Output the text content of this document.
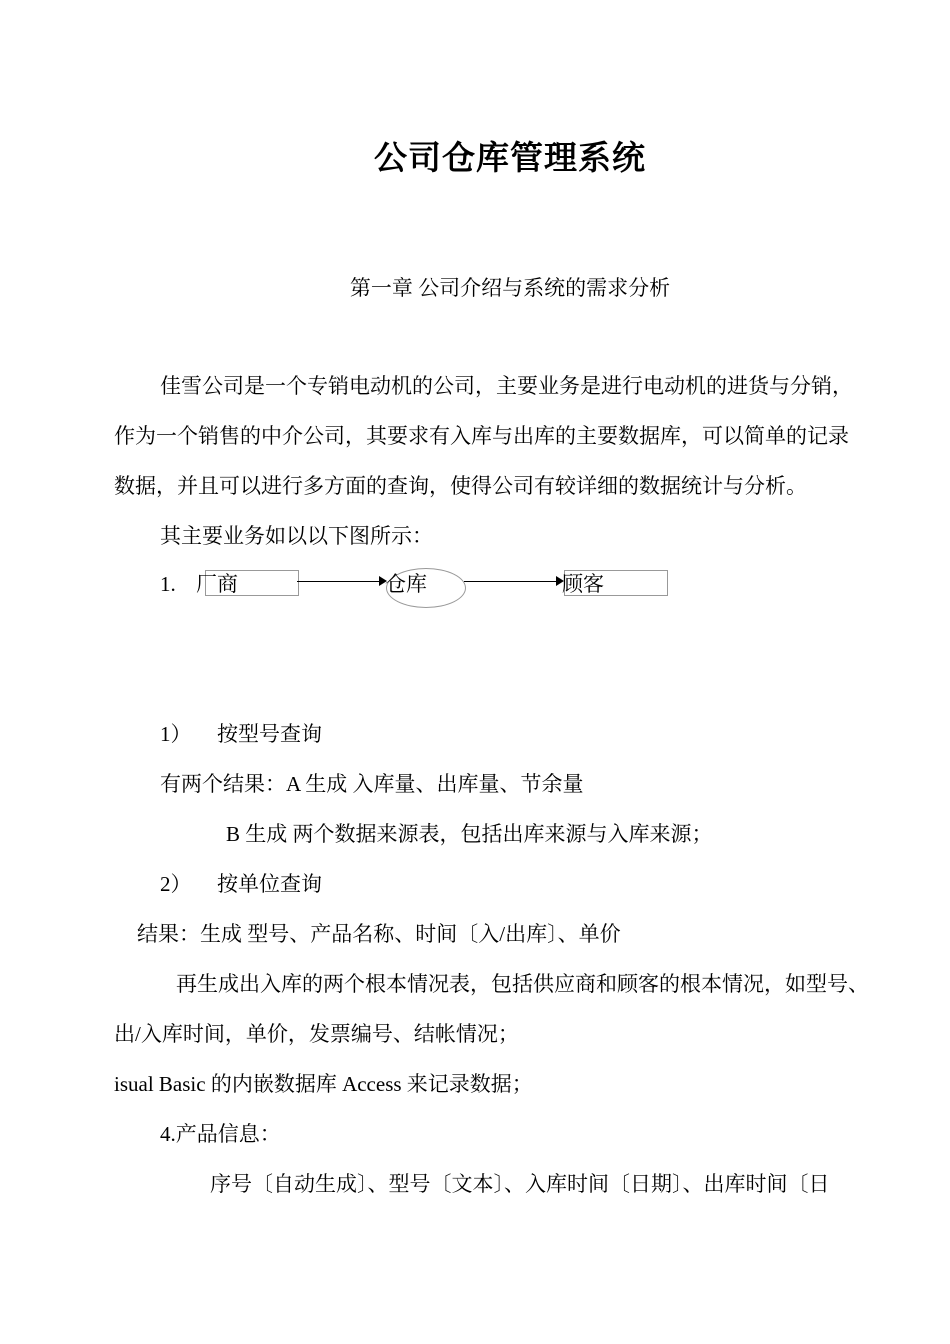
公司仓库管理系统
第一章 公司介绍与系统的需求分析
佳雪公司是一个专销电动机的公司，主要业务是进行电动机的进货与分销，
作为一个销售的中介公司，其要求有入库与出库的主要数据库，可以简单的记录
数据，并且可以进行多方面的查询，使得公司有较详细的数据统计与分析。
其主要业务如以以下图所示：
1. 厂商	仓库	顾客
1） 按型号查询
有两个结果：A 生成 入库量、出库量、节余量
B 生成 两个数据来源表，包括出库来源与入库来源；
2） 按单位查询
结果：生成 型号、产品名称、时间〔入/出库〕、单价
再生成出入库的两个根本情况表，包括供应商和顾客的根本情况，如型号、
出/入库时间，单价，发票编号、结帐情况；
isual Basic 的内嵌数据库 Access 来记录数据；
4.产品信息：
序号〔自动生成〕、型号〔文本〕、入库时间〔日期〕、出库时间〔日
